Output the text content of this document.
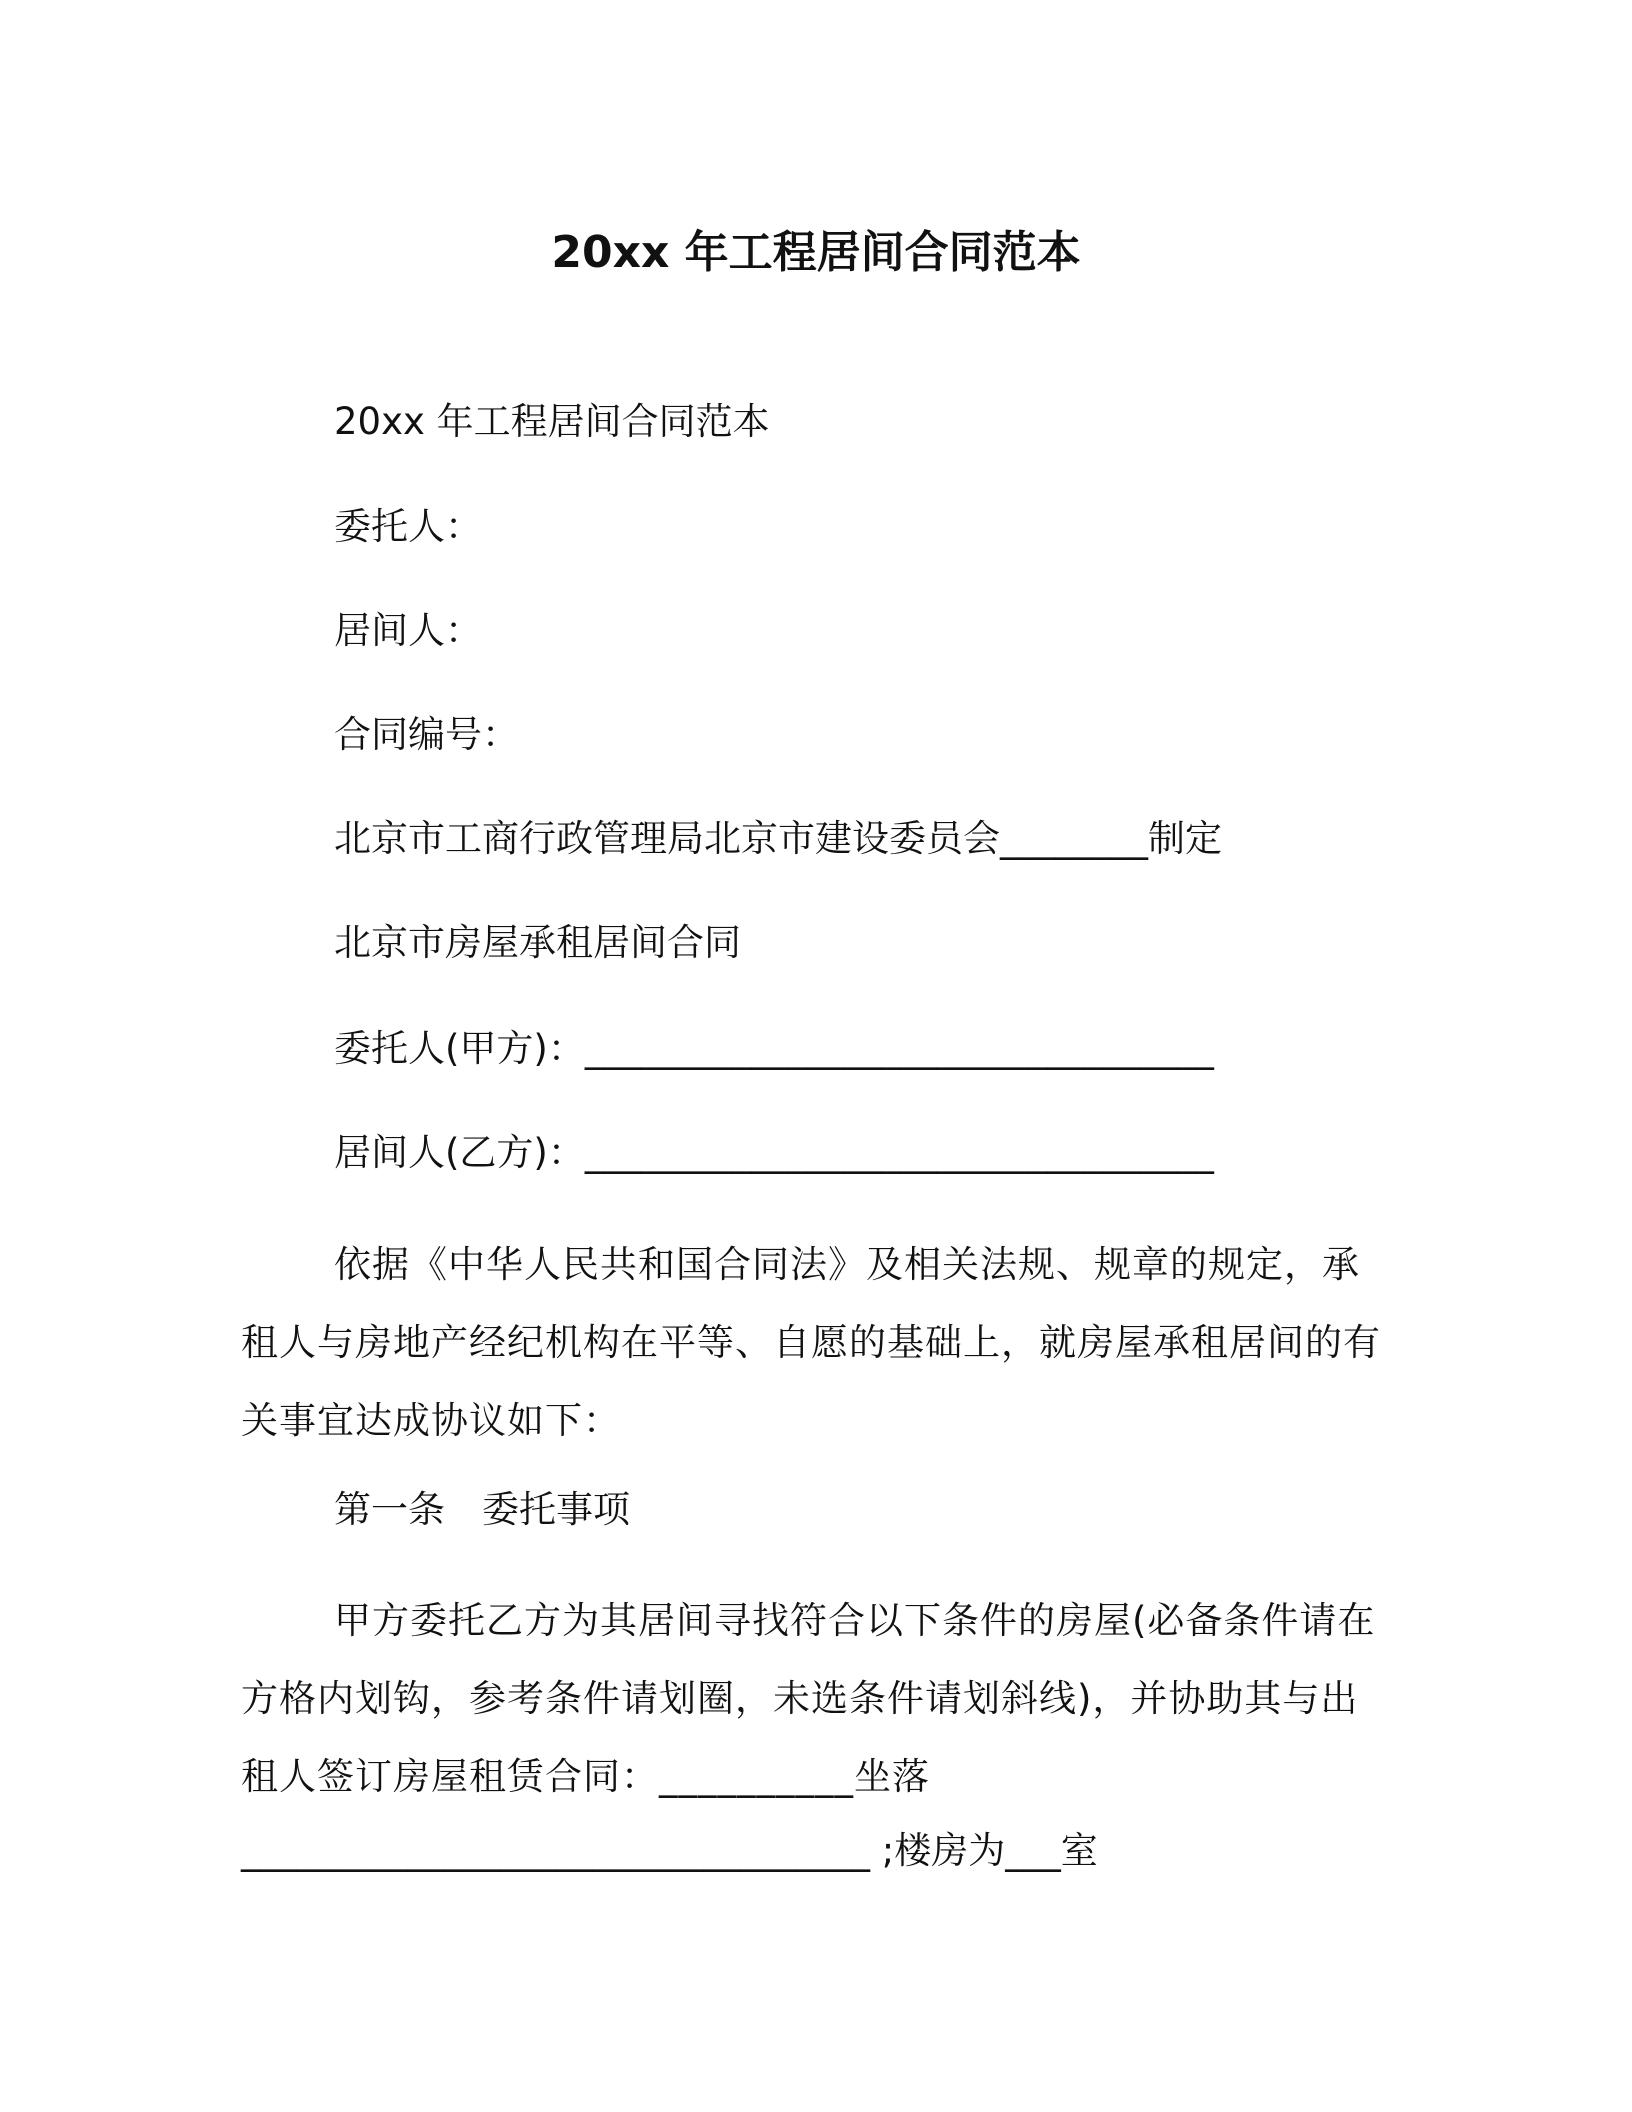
20xx 年工程居间合同范本
20xx 年工程居间合同范本
委托人：
居间人：
合同编号：
北京市工商行政管理局北京市建设委员会________制定
北京市房屋承租居间合同
委托人(甲方)：__________________________________
居间人(乙方)：__________________________________
依据《中华人民共和国合同法》及相关法规、规章的规定，承租人与房地产经纪机构在平等、自愿的基础上，就房屋承租居间的有关事宜达成协议如下：
第一条　委托事项
甲方委托乙方为其居间寻找符合以下条件的房屋(必备条件请在方格内划钩，参考条件请划圈，未选条件请划斜线)，并协助其与出租人签订房屋租赁合同：__________坐落
__________________________________ ;楼房为___室
